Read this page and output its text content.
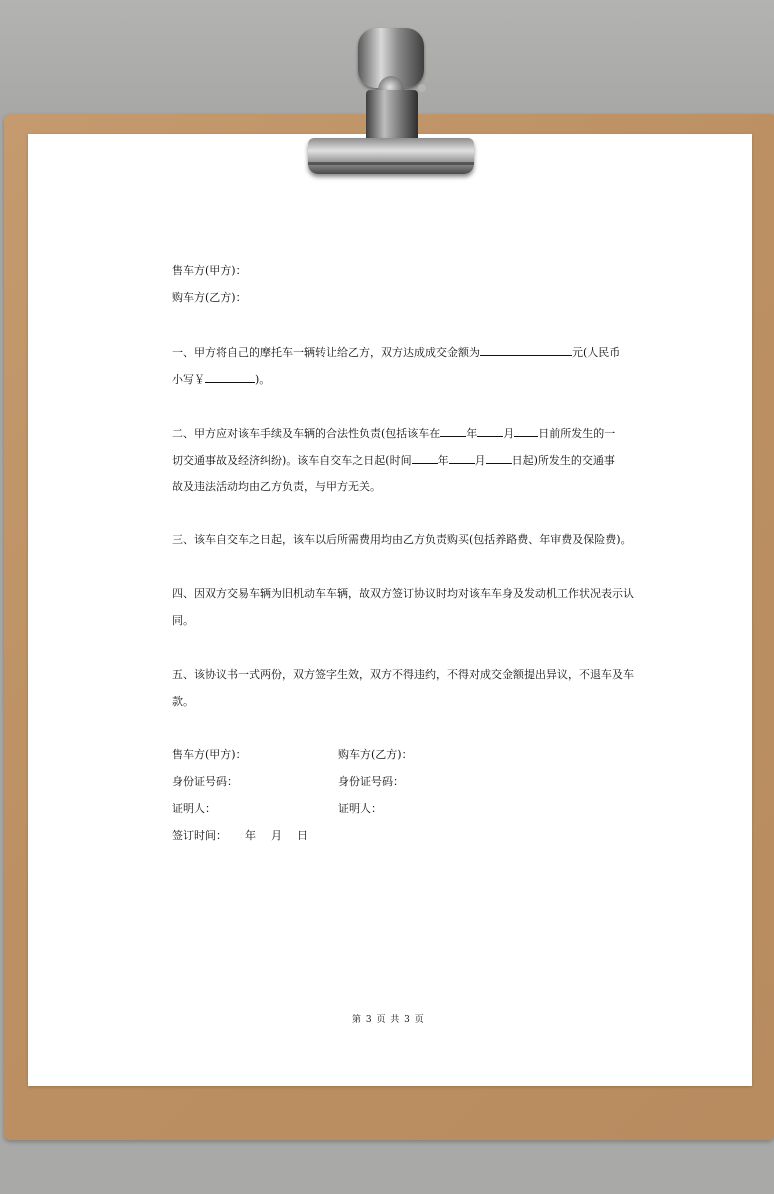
售车方(甲方)：
购车方(乙方)：
一、甲方将自己的摩托车一辆转让给乙方，双方达成成交金额为	元(人民币
小写￥	)。
二、甲方应对该车手续及车辆的合法性负责(包括该车在 年 月 日前所发生的一
切交通事故及经济纠纷)。该车自交车之日起(时间 年 月 日起)所发生的交通事
故及违法活动均由乙方负责，与甲方无关。
三、该车自交车之日起，该车以后所需费用均由乙方负责购买(包括养路费、年审费及保险费)。
四、因双方交易车辆为旧机动车车辆，故双方签订协议时均对该车车身及发动机工作状况表示认
同。
五、该协议书一式两份，双方签字生效，双方不得违约，不得对成交金额提出异议，不退车及车
款。
售车方(甲方)：	购车方(乙方)：
身份证号码：	身份证号码：
证明人：	证明人：
签订时间： 年 月 日
第 3 页 共 3 页
